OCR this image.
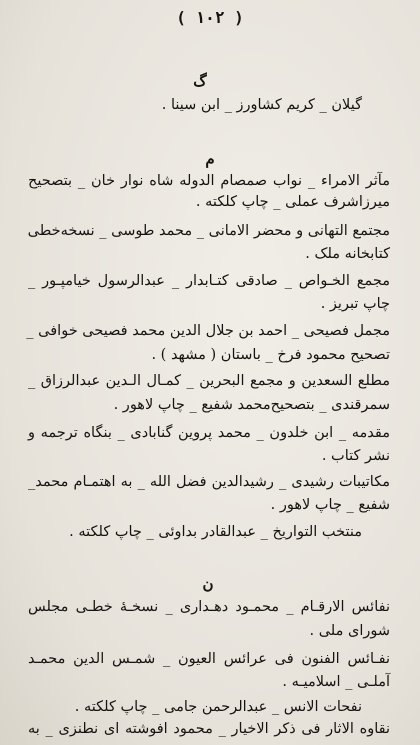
( ۱۰۲ )
گ
گیلان _ کریم کشاورز _ ابن سینا .
م
مآثر الامراء _ نواب صمصام الدوله شاه نوار خان _ بتصحیح
میرزاشرف عملی _ چاپ کلکته .
مجتمع التهانی و محضر الامانی _ محمد طوسی _ نسخه‌خطی
کتابخانه ملک .
مجمع الخـواص _ صادقی کتـابدار _ عبدالرسول خیامپـور _
چاپ تبریز .
مجمل فصیحی _ احمد بن جلال الدین محمد فصیحی خوافی _
تصحیح محمود فرخ _ باستان ( مشهد ) .
مطلع السعدین و مجمع البحرین _ کمـال الـدین عبدالرزاق _
سمرقندی _ بتصحیح‌محمد شفیع _ چاپ لاهور .
مقدمه _ ابن خلدون _ محمد پروین گنابادی _ بنگاه ترجمه و
نشر کتاب .
مکاتیبات رشیدی _ رشیدالدین فضل الله _ به اهتمـام محمد_
شفیع _ چاپ لاهور .
منتخب التواریخ _ عبدالقادر بداو‌ئی _ چاپ کلکته .
ن
نفائس الارقـام _ محمـود دهـداری _ نسخـهٔ خطـی مجلس
شورای ملی .
نفـائس الفنون فی عرائس العیون _ شمـس الدین محمـد
آملـی _ اسلامیـه .
نفحات الانس _ عبدالرحمن جامی _ چاپ کلکته .
نقاوه الاثار فی ذکر الاخیار _ محمود افوشته ای نطنزی _ به
